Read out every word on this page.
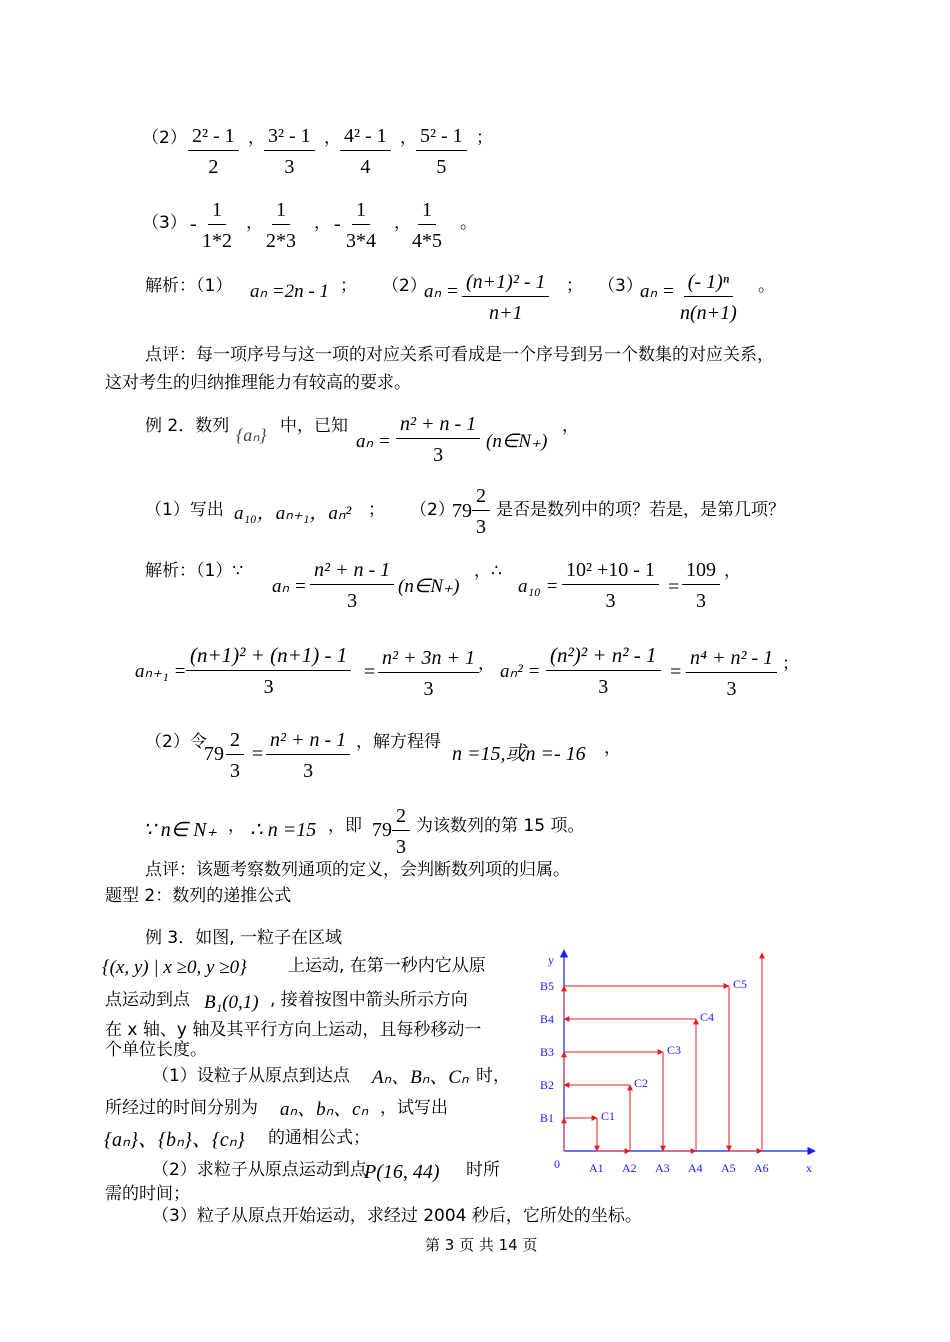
$(2) \frac{\text{2² - 1}}{2}$ ， $\frac{\text{3² - 1}}{3}$ ， $\frac{\text{4² - 1}}{4}$ ， $\frac{\text{5² - 1}}{5}$ ；
$(3) - \frac{1}{1*2}$ ， $\frac{1}{2*3}$ ， - $\frac{1}{3*4}$ ， $\frac{1}{4*5}$ 。
解析：（1） aₙ =2n - 1 ； （2）
$a_n = \frac{\text{(n+1)² - 1}}{n+1}$ ； （3）
$a_n = \frac{\text{(- 1)ⁿ}}{n(n+1)}$ 。
点评：每一项序号与这一项的对应关系可看成是一个序号到另一个数集的对应关系，
这对考生的归纳推理能力有较高的要求。
例 2．数列 {aₙ} 中，已知
$a_n = \frac{\text{n² + n - 1}}{3}$ (n∈N₊)
，
（1）写出 a₁₀，aₙ₊₁，aₙ² ； （2）
$79 \frac{2}{3}$ 是否是数列中的项？若是，是第几项？
解析：（1）∵
$a_n = \frac{\text{n² + n - 1}}{3}$ (n∈N₊)
，∴
$a_{10} = \frac{\text{10² +10 - 1}}{3} = \frac{109}{3}$ ，
$a_{n+1} = \frac{\text{(n+1)² + (n+1) - 1}}{3} = \frac{\text{n² + 3n + 1}}{3}$ ， $a_n^2 = \frac{\text{(n²)² + n² - 1}}{3} = \frac{\text{n⁴ + n² - 1}}{3}$ ；
（2）令
$79 \frac{2}{3} = \frac{\text{n² + n - 1}}{3}$ ，解方程得
n =15,或n =- 16 ，
∵ n∈ N₊ ， ∴ n =15 ，即 $79 \frac{2}{3}$ 为该数列的第 15 项。
点评：该题考察数列通项的定义，会判断数列项的归属。
题型 2：数列的递推公式
例 3．如图, 一粒子在区域
{(x, y) | x ≥0, y ≥0} 上运动, 在第一秒内它从原
点运动到点 B₁(0,1) , 接着按图中箭头所示方向
在 x 轴、y 轴及其平行方向上运动，且每秒移动一
个单位长度。
（1）设粒子从原点到达点 Aₙ、Bₙ、Cₙ 时，
所经过的时间分别为 aₙ、bₙ、cₙ ，试写出
{aₙ}、{bₙ}、{cₙ} 的通相公式；
（2）求粒子从原点运动到点
P(16, 44) 时所
需的时间；
（3）粒子从原点开始运动，求经过 2004 秒后，它所处的坐标。
y
x
0 A1 A2 A3 A4 A5 A6
B1
B2
B3
B4
B5
C1
C2
C3
C4
C5
第 3 页 共 14 页
